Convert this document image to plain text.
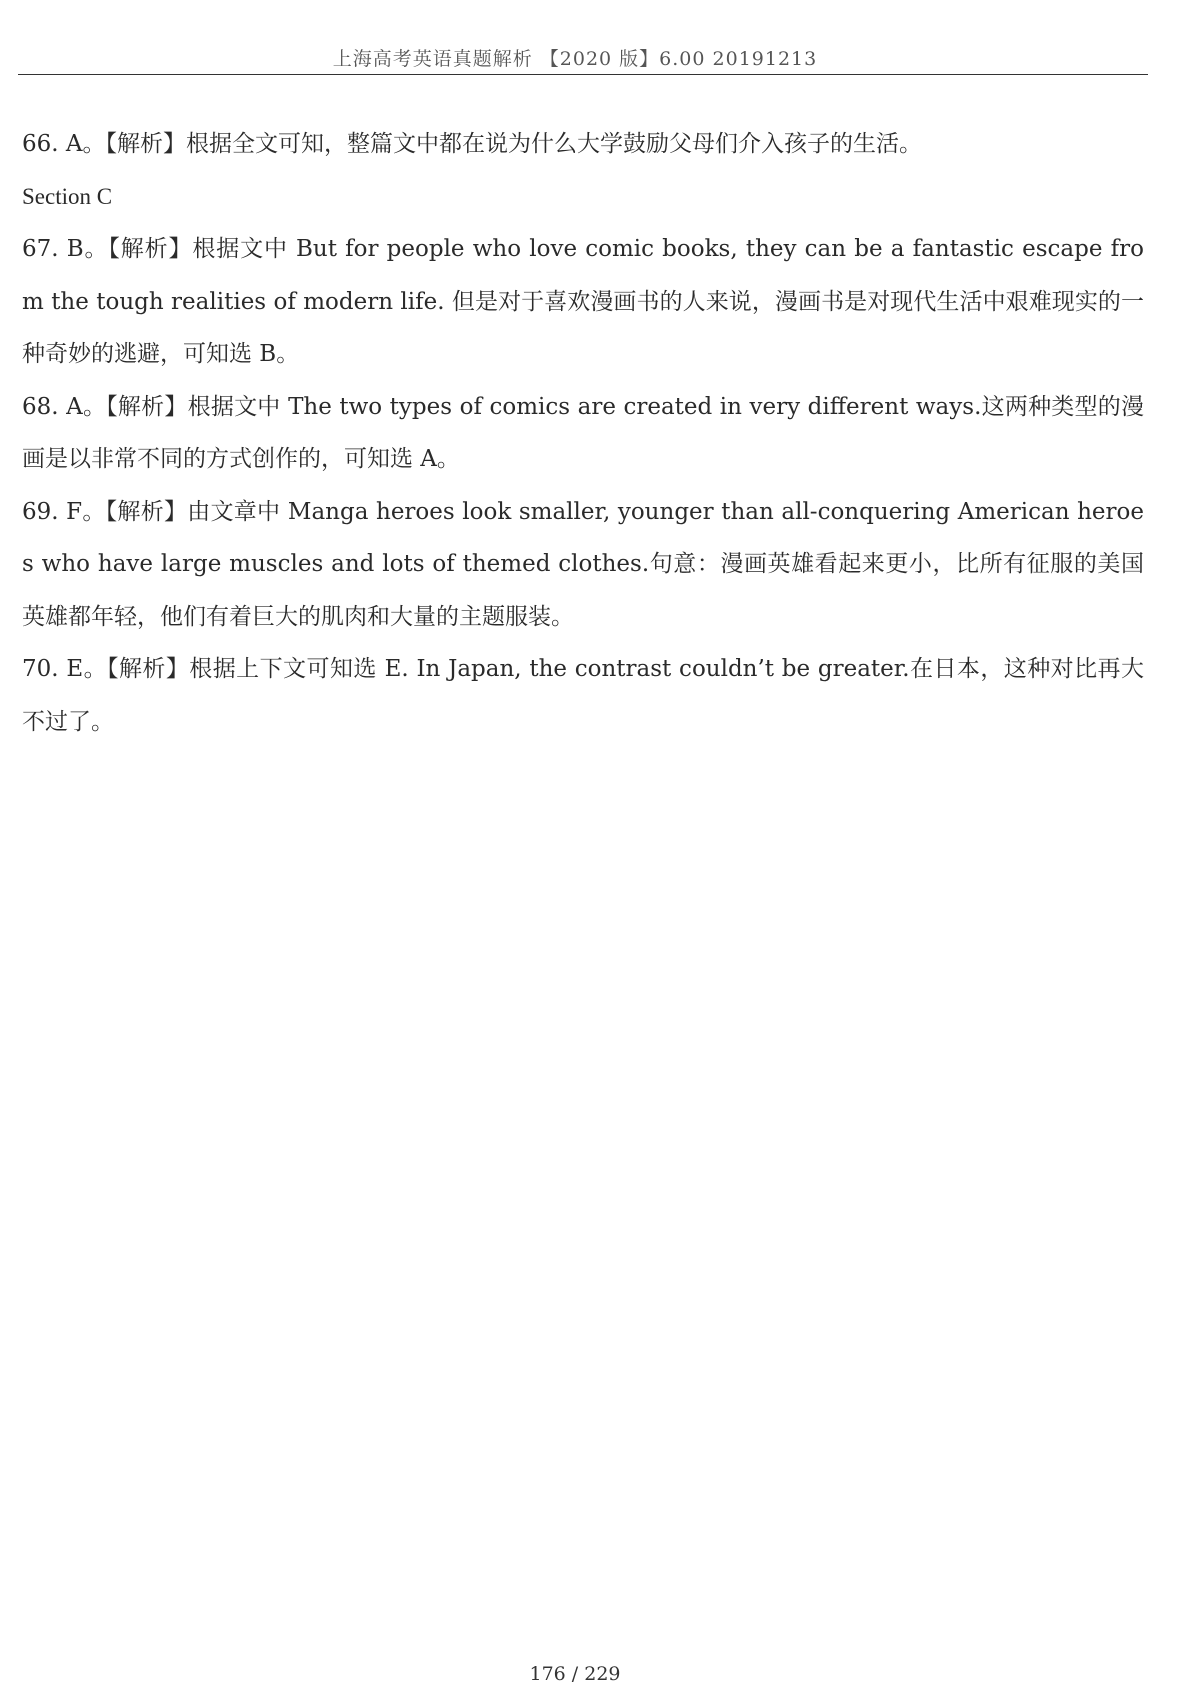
上海高考英语真题解析 【2020 版】6.00 20191213

66. A。【解析】根据全文可知，整篇文中都在说为什么大学鼓励父母们介入孩子的生活。

Section C

67. B。【解析】根据文中 But for people who love comic books, they can be a fantastic escape from the tough realities of modern life. 但是对于喜欢漫画书的人来说，漫画书是对现代生活中艰难现实的一种奇妙的逃避，可知选 B。

68. A。【解析】根据文中 The two types of comics are created in very different ways.这两种类型的漫画是以非常不同的方式创作的，可知选 A。

69. F。【解析】由文章中 Manga heroes look smaller, younger than all-conquering American heroes who have large muscles and lots of themed clothes.句意：漫画英雄看起来更小，比所有征服的美国英雄都年轻，他们有着巨大的肌肉和大量的主题服装。

70. E。【解析】根据上下文可知选 E. In Japan, the contrast couldn’t be greater.在日本，这种对比再大不过了。

176 / 229
